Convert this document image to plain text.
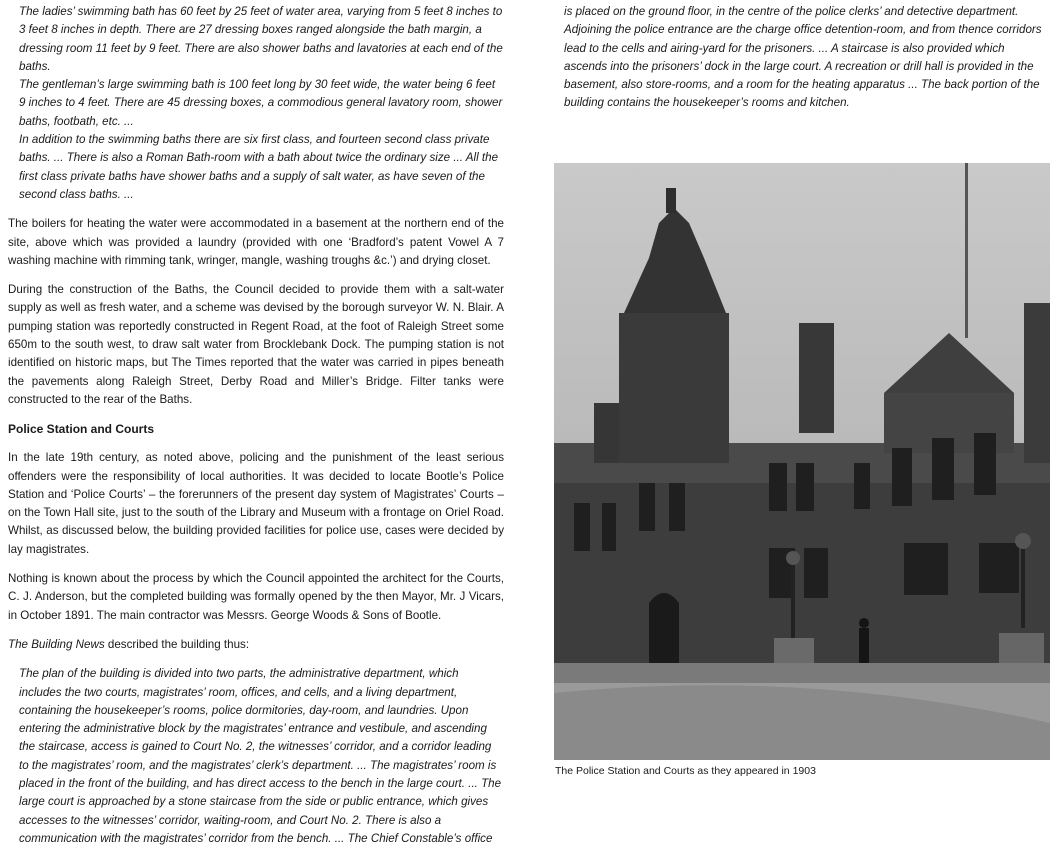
The ladies’ swimming bath has 60 feet by 25 feet of water area, varying from 5 feet 8 inches to 3 feet 8 inches in depth. There are 27 dressing boxes ranged alongside the bath margin, a dressing room 11 feet by 9 feet. There are also shower baths and lavatories at each end of the baths.

The gentleman’s large swimming bath is 100 feet long by 30 feet wide, the water being 6 feet 9 inches to 4 feet. There are 45 dressing boxes, a commodious general lavatory room, shower baths, footbath, etc. ...

In addition to the swimming baths there are six first class, and fourteen second class private baths. ... There is also a Roman Bath-room with a bath about twice the ordinary size ... All the first class private baths have shower baths and a supply of salt water, as have seven of the second class baths. ...

The boilers for heating the water were accommodated in a basement at the northern end of the site, above which was provided a laundry (provided with one ‘Bradford’s patent Vowel A 7 washing machine with rimming tank, wringer, mangle, washing troughs &c.’) and drying closet.

During the construction of the Baths, the Council decided to provide them with a salt-water supply as well as fresh water, and a scheme was devised by the borough surveyor W. N. Blair. A pumping station was reportedly constructed in Regent Road, at the foot of Raleigh Street some 650m to the south west, to draw salt water from Brocklebank Dock. The pumping station is not identified on historic maps, but The Times reported that the water was carried in pipes beneath the pavements along Raleigh Street, Derby Road and Miller’s Bridge. Filter tanks were constructed to the rear of the Baths.

Police Station and Courts

In the late 19th century, as noted above, policing and the punishment of the least serious offenders were the responsibility of local authorities. It was decided to locate Bootle’s Police Station and ‘Police Courts’ – the forerunners of the present day system of Magistrates’ Courts – on the Town Hall site, just to the south of the Library and Museum with a frontage on Oriel Road. Whilst, as discussed below, the building provided facilities for police use, cases were decided by lay magistrates.

Nothing is known about the process by which the Council appointed the architect for the Courts, C. J. Anderson, but the completed building was formally opened by the then Mayor, Mr. J Vicars, in October 1891. The main contractor was Messrs. George Woods & Sons of Bootle.

The Building News described the building thus:

The plan of the building is divided into two parts, the administrative department, which includes the two courts, magistrates’ room, offices, and cells, and a living department, containing the housekeeper’s rooms, police dormitories, day-room, and laundries. Upon entering the administrative block by the magistrates’ entrance and vestibule, and ascending the staircase, access is gained to Court No. 2, the witnesses’ corridor, and a corridor leading to the magistrates’ room, and the magistrates’ clerk’s department. ... The magistrates’ room is placed in the front of the building, and has direct access to the bench in the large court. ... The large court is approached by a stone staircase from the side or public entrance, which gives accesses to the witnesses’ corridor, waiting-room, and Court No. 2. There is also a communication with the magistrates’ corridor from the bench. ... The Chief Constable’s office

is placed on the ground floor, in the centre of the police clerks’ and detective department. Adjoining the police entrance are the charge office detention-room, and from thence corridors lead to the cells and airing-yard for the prisoners. ... A staircase is also provided which ascends into the prisoners’ dock in the large court. A recreation or drill hall is provided in the basement, also store-rooms, and a room for the heating apparatus ... The back portion of the building contains the housekeeper’s rooms and kitchen.

The Police Station and Courts as they appeared in 1903
